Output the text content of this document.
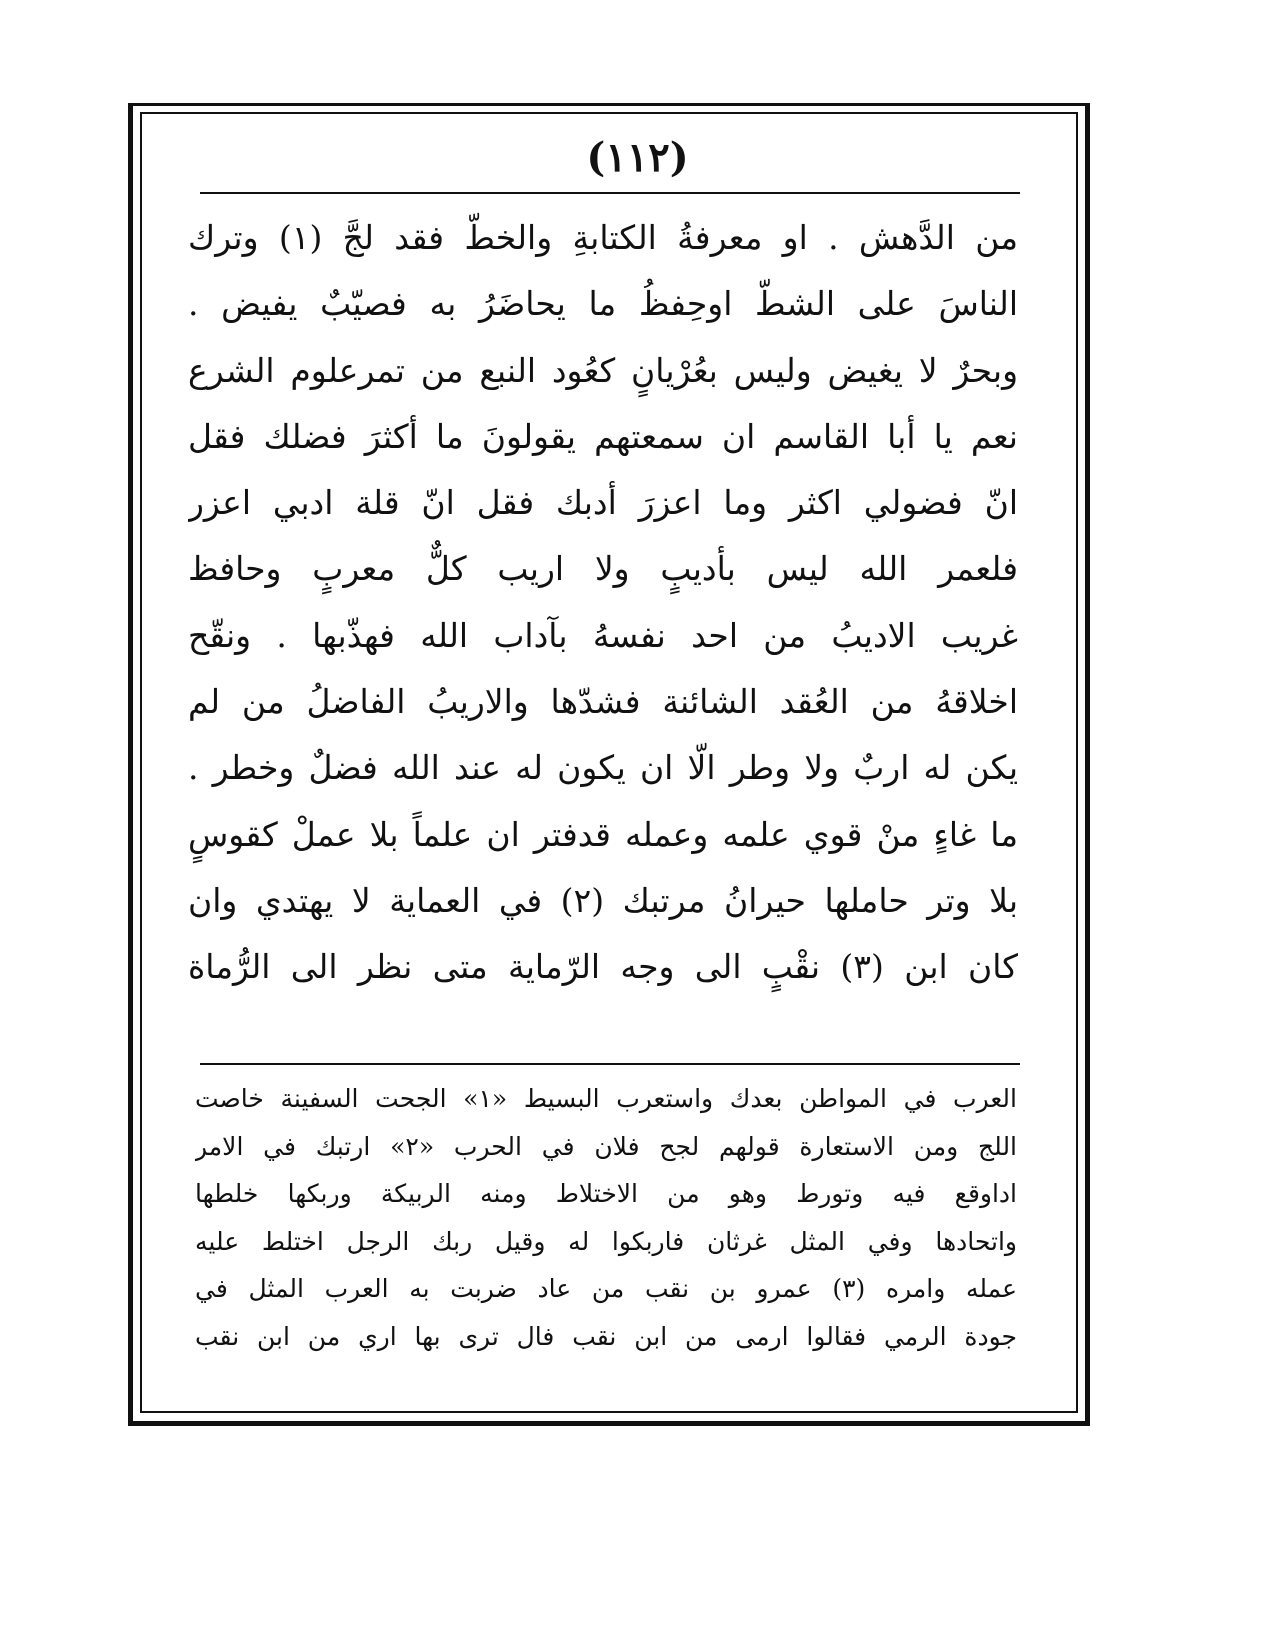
(١١٢)
من الدَّهش . او معرفةُ الكتابةِ والخطّ فقد لجَّ (١) وترك
الناسَ على الشطّ اوحِفظُ ما يحاضَرُ به فصيّبٌ يفيض .
وبحرٌ لا يغيض وليس بعُرْيانٍ كعُود النبع من تمرعلوم الشرع
نعم يا أبا القاسم ان سمعتهم يقولونَ ما أكثرَ فضلك فقل
انّ فضولي اكثر وما اعزرَ أدبك فقل انّ قلة ادبي اعزر
فلعمر الله ليس بأديبٍ ولا اريب كلٌّ معربٍ وحافظ
غريب الاديبُ من احد نفسهُ بآداب الله فهذّبها . ونقّح
اخلاقهُ من العُقد الشائنة فشدّها والاريبُ الفاضلُ من لم
يكن له اربٌ ولا وطر الّا ان يكون له عند الله فضلٌ وخطر .
ما غاءٍ منْ قوي علمه وعمله قدفتر ان علماً بلا عملْ كقوسٍ
بلا وتر حاملها حيرانُ مرتبك (٢) في العماية لا يهتدي وان
كان ابن (٣) نقْبٍ الى وجه الرّماية متى نظر الى الرُّماة
العرب في المواطن بعدك واستعرب البسيط «١» الجحت السفينة خاصت
اللج ومن الاستعارة قولهم لجح فلان في الحرب «٢» ارتبك في الامر
اداوقع فيه وتورط وهو من الاختلاط ومنه الربيكة وربكها خلطها
واتحادها وفي المثل غرثان فاربكوا له وقيل ربك الرجل اختلط عليه
عمله وامره (٣) عمرو بن نقب من عاد ضربت به العرب المثل في
جودة الرمي فقالوا ارمى من ابن نقب فال ترى بها اري من ابن نقب
